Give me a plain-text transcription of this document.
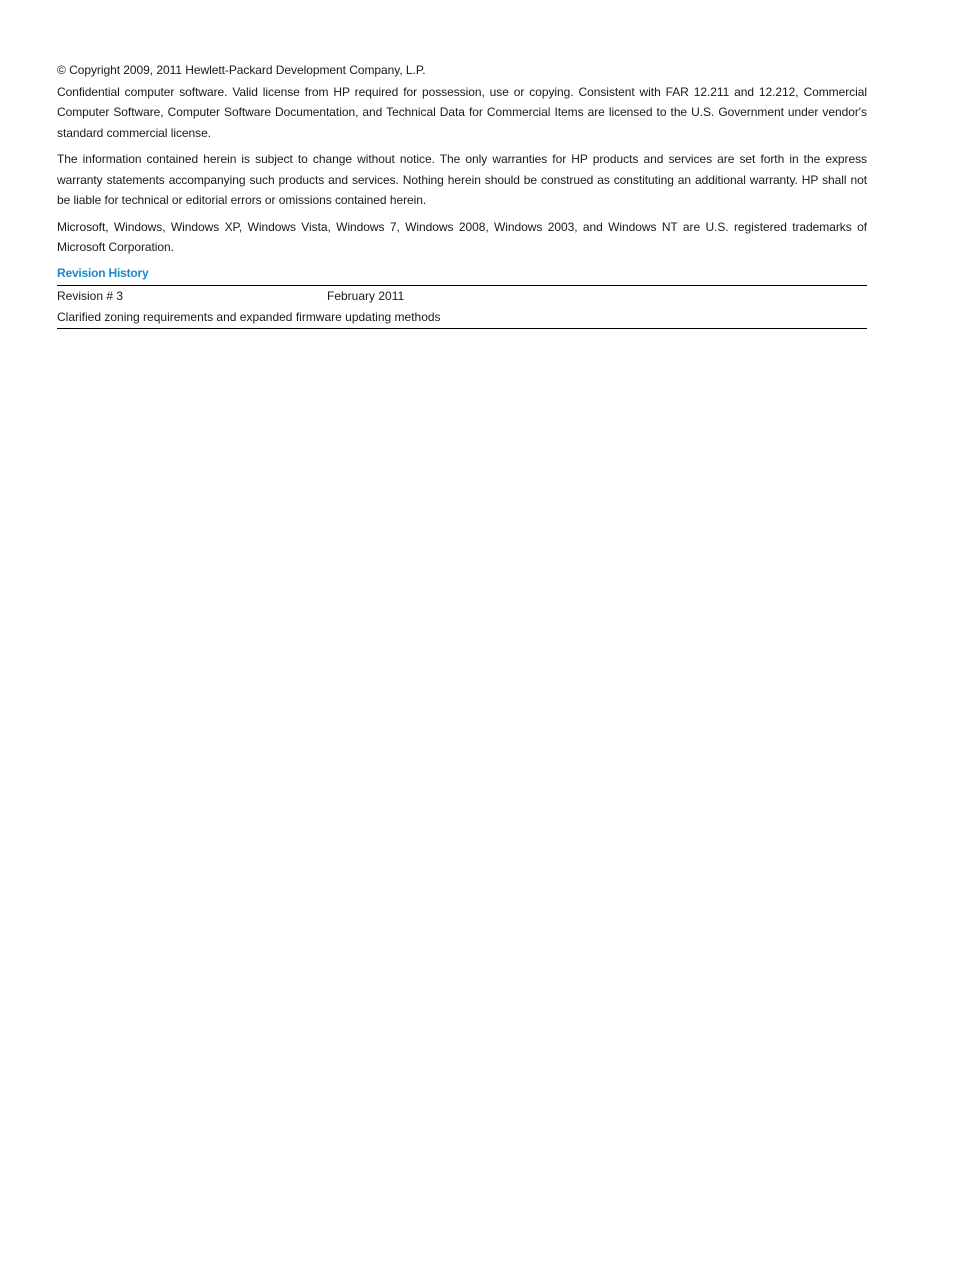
© Copyright 2009, 2011 Hewlett-Packard Development Company, L.P.

Confidential computer software. Valid license from HP required for possession, use or copying. Consistent with FAR 12.211 and 12.212, Commercial Computer Software, Computer Software Documentation, and Technical Data for Commercial Items are licensed to the U.S. Government under vendor's standard commercial license.

The information contained herein is subject to change without notice. The only warranties for HP products and services are set forth in the express warranty statements accompanying such products and services. Nothing herein should be construed as constituting an additional warranty. HP shall not be liable for technical or editorial errors or omissions contained herein.

Microsoft, Windows, Windows XP, Windows Vista, Windows 7, Windows 2008, Windows 2003, and Windows NT are U.S. registered trademarks of Microsoft Corporation.

Revision History
Revision # 3	February 2011
Clarified zoning requirements and expanded firmware updating methods
